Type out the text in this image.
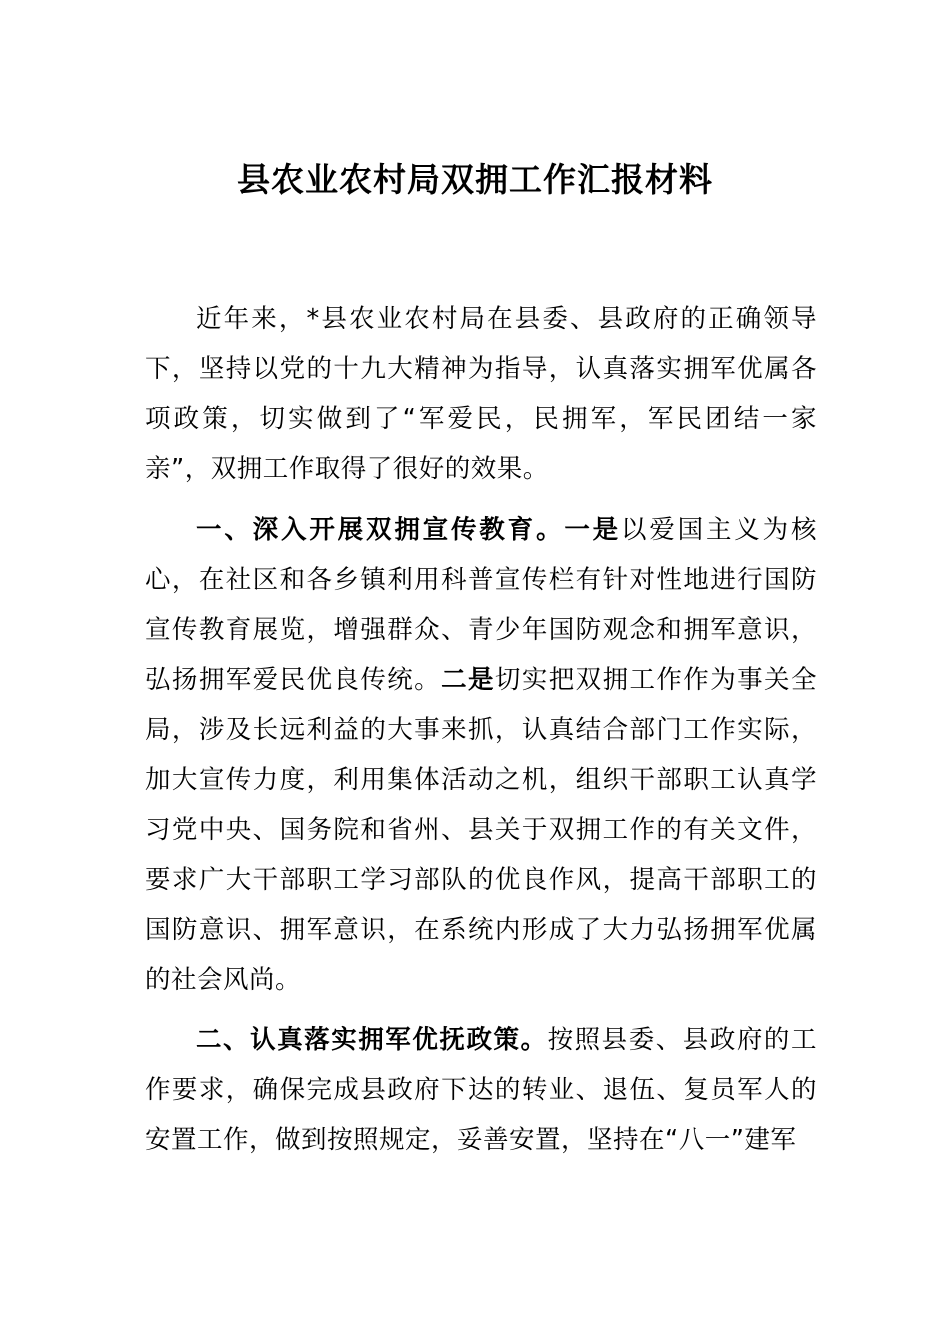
县农业农村局双拥工作汇报材料

近年来，*县农业农村局在县委、县政府的正确领导下，坚持以党的十九大精神为指导，认真落实拥军优属各项政策，切实做到了“军爱民，民拥军，军民团结一家亲”，双拥工作取得了很好的效果。

一、深入开展双拥宣传教育。一是以爱国主义为核心，在社区和各乡镇利用科普宣传栏有针对性地进行国防宣传教育展览，增强群众、青少年国防观念和拥军意识，弘扬拥军爱民优良传统。二是切实把双拥工作作为事关全局，涉及长远利益的大事来抓，认真结合部门工作实际，加大宣传力度，利用集体活动之机，组织干部职工认真学习党中央、国务院和省州、县关于双拥工作的有关文件，要求广大干部职工学习部队的优良作风，提高干部职工的国防意识、拥军意识，在系统内形成了大力弘扬拥军优属的社会风尚。

二、认真落实拥军优抚政策。按照县委、县政府的工作要求，确保完成县政府下达的转业、退伍、复员军人的安置工作，做到按照规定，妥善安置，坚持在“八一”建军
